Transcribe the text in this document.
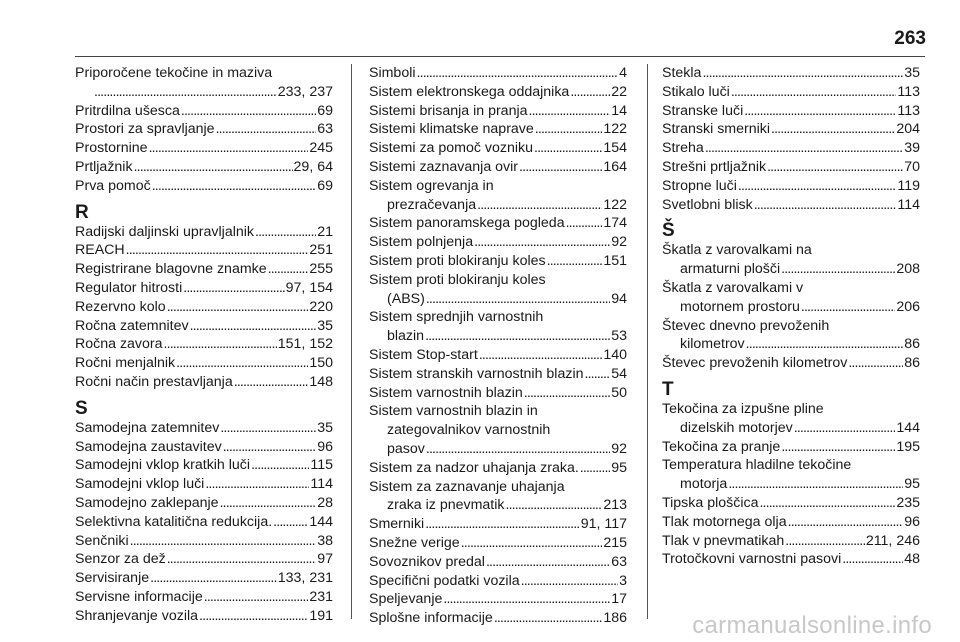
263
Priporočene tekočine in maziva
. . .
233, 237
Pritrdilna ušesca . . .	69
Prostori za spravljanje . . .	63
Prostornine . . .	245
Prtljažnik . . .	29, 64
Prva pomoč . . .	69
R
Radijski daljinski upravljalnik . . .	21
REACH . . .	251
Registrirane blagovne znamke . . .	255
Regulator hitrosti . . .	97, 154
Rezervno kolo . . .	220
Ročna zatemnitev . . .	35
Ročna zavora . . .	151, 152
Ročni menjalnik . . .	150
Ročni način prestavljanja . . .	148
S
Samodejna zatemnitev . . .	35
Samodejna zaustavitev . . .	96
Samodejni vklop kratkih luči . . .	115
Samodejni vklop luči . . .	114
Samodejno zaklepanje . . .	28
Selektivna katalitična redukcija. . . .	144
Senčniki . . .	38
Senzor za dež . . .	97
Servisiranje . . .	133, 231
Servisne informacije . . .	231
Shranjevanje vozila . . .	191
Simboli . . .	4
Sistem elektronskega oddajnika . . .	22
Sistemi brisanja in pranja . . .	14
Sistemi klimatske naprave . . .	122
Sistemi za pomoč vozniku . . .	154
Sistemi zaznavanja ovir . . .	164
Sistem ogrevanja in
prezračevanja . . .	122
Sistem panoramskega pogleda . . .	174
Sistem polnjenja . . .	92
Sistem proti blokiranju koles . . .	151
Sistem proti blokiranju koles
(ABS) . . .	94
Sistem sprednjih varnostnih
blazin . . .	53
Sistem Stop-start . . .	140
Sistem stranskih varnostnih blazin . . . 54
Sistem varnostnih blazin . . .	50
Sistem varnostnih blazin in
zategovalnikov varnostnih
pasov . . .	92
Sistem za nadzor uhajanja zraka. . . . 95
Sistem za zaznavanje uhajanja
zraka iz pnevmatik . . .	213
Smerniki . . .	91, 117
Snežne verige . . .	215
Sovoznikov predal . . .	63
Specifični podatki vozila . . .	3
Speljevanje . . .	17
Splošne informacije . . .	186
Stekla . . .	35
Stikalo luči . . .	113
Stranske luči . . .	113
Stranski smerniki . . .	204
Streha . . .	39
Strešni prtljažnik . . .	70
Stropne luči . . .	119
Svetlobni blisk . . .	114
Š
Škatla z varovalkami na
armaturni plošči . . .	208
Škatla z varovalkami v
motornem prostoru . . .	206
Števec dnevno prevoženih
kilometrov . . .	86
Števec prevoženih kilometrov . . .	86
T
Tekočina za izpušne pline
dizelskih motorjev . . .	144
Tekočina za pranje . . .	195
Temperatura hladilne tekočine
motorja . . .	95
Tipska ploščica . . .	235
Tlak motornega olja . . .	96
Tlak v pnevmatikah . . .	211, 246
Trotočkovni varnostni pasovi . . .	48
carmanualsonline.info
